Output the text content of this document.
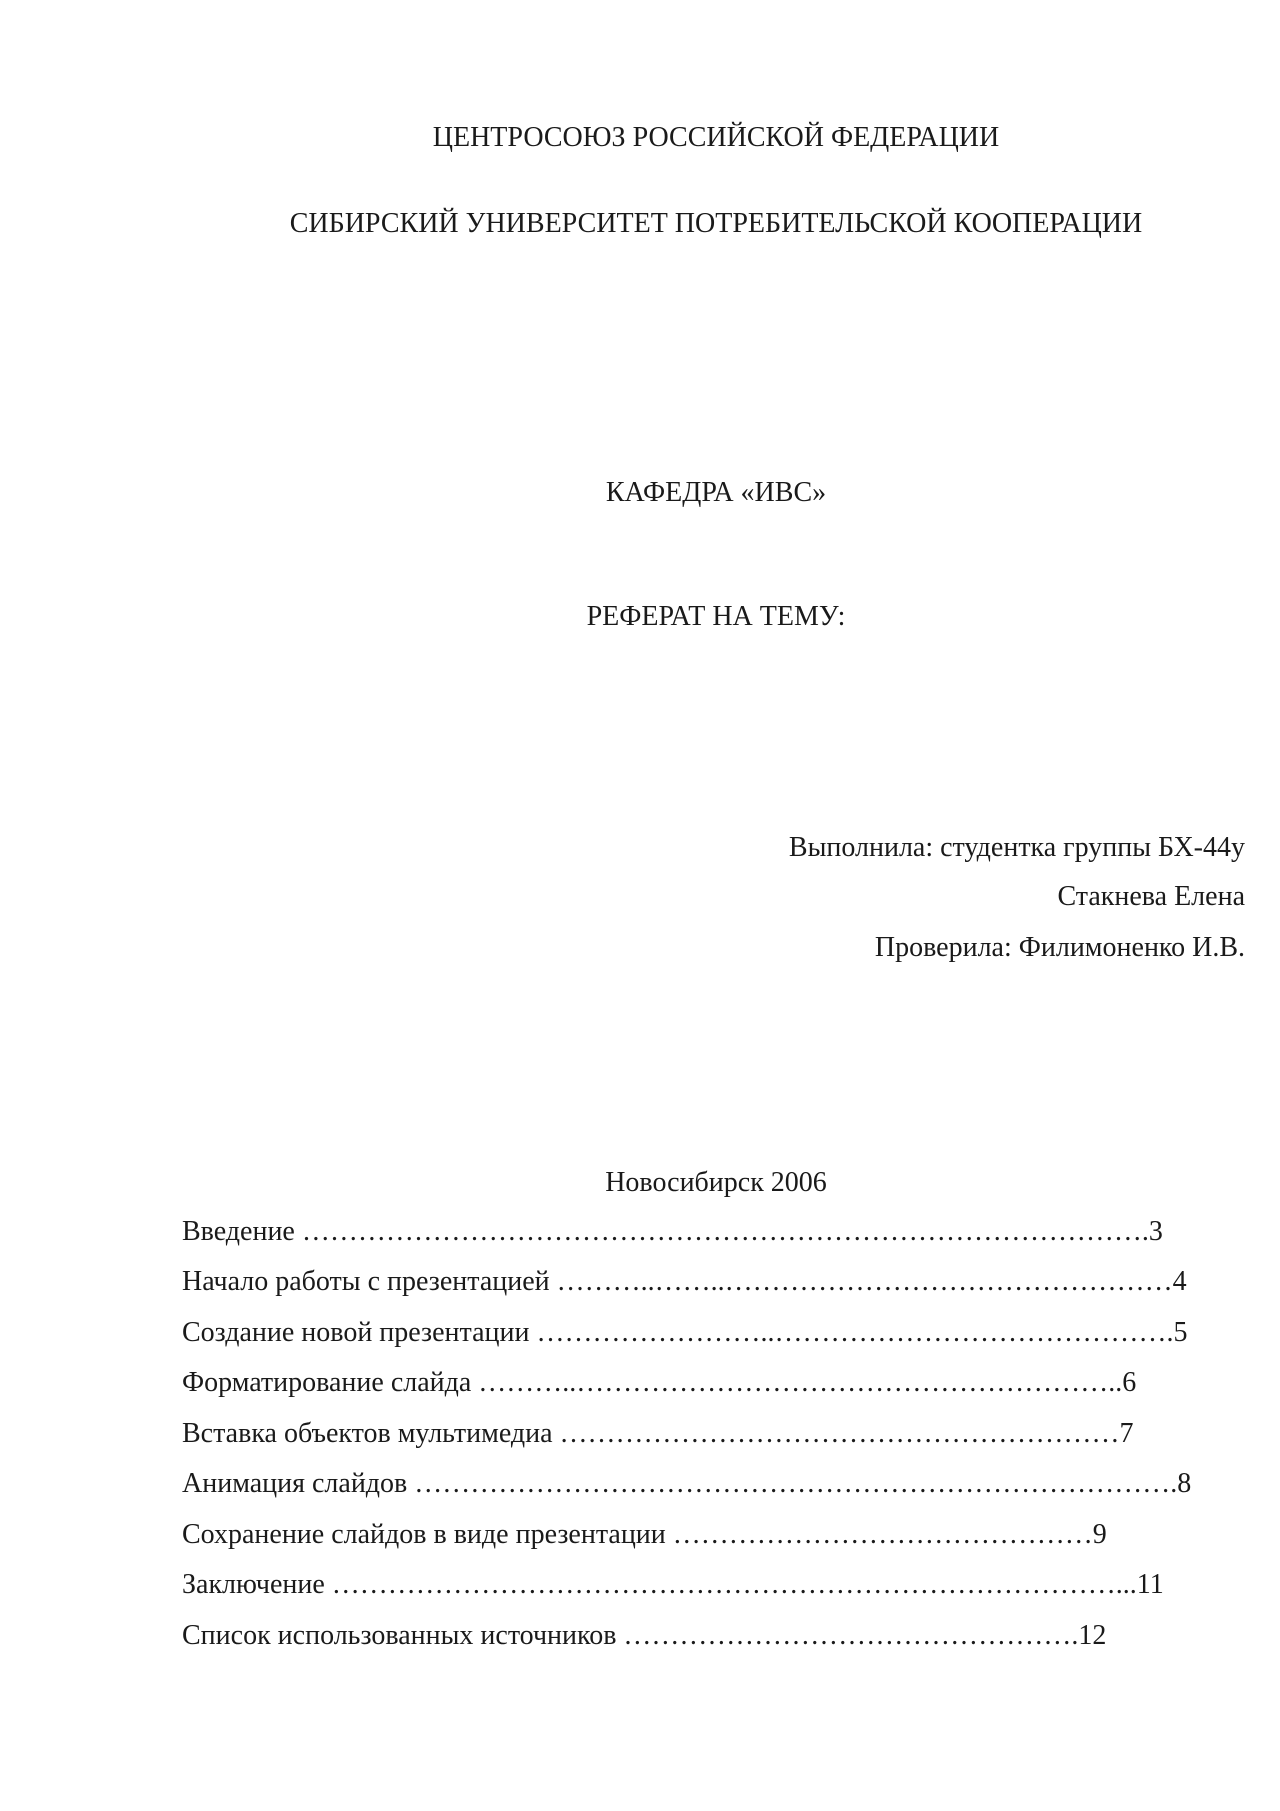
ЦЕНТРОСОЮЗ РОССИЙСКОЙ ФЕДЕРАЦИИ
СИБИРСКИЙ УНИВЕРСИТЕТ ПОТРЕБИТЕЛЬСКОЙ КООПЕРАЦИИ
КАФЕДРА «ИВС»
РЕФЕРАТ НА ТЕМУ:
Выполнила: студентка группы БХ-44у
Стакнева Елена
Проверила: Филимоненко И.В.
Новосибирск 2006
Введение ……………………………………………………………………………….3
Начало работы с презентацией ………..……..…………………………………………4
Создание новой презентации ……………………..…………………………………….5
Форматирование слайда ………..…………………………………………………..6
Вставка объектов мультимедиа ……………………………………………………7
Анимация слайдов ……………………………………………………………………….8
Сохранение слайдов в виде презентации ………………………………………9
Заключение …………………………………………………………………………...11
Список использованных источников ………………………………………….12
